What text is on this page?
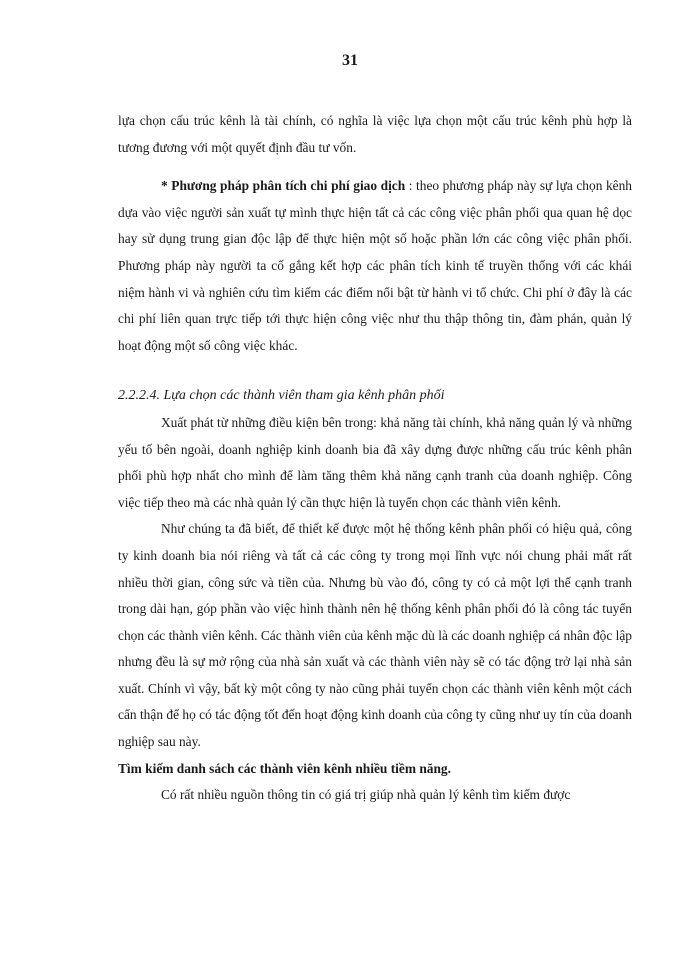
31

lựa chọn cấu trúc kênh là tài chính, có nghĩa là việc lựa chọn một cấu trúc kênh phù hợp là tương đương với một quyết định đầu tư vốn.

* Phương pháp phân tích chi phí giao dịch : theo phương pháp này sự lựa chọn kênh dựa vào việc người sản xuất tự mình thực hiện tất cả các công việc phân phối qua quan hệ dọc hay sử dụng trung gian độc lập để thực hiện một số hoặc phần lớn các công việc phân phối. Phương pháp này người ta cố gắng kết hợp các phân tích kinh tế truyền thống với các khái niệm hành vi và nghiên cứu tìm kiếm các điểm nổi bật từ hành vi tổ chức. Chi phí ở đây là các chi phí liên quan trực tiếp tới thực hiện công việc như thu thập thông tin, đàm phán, quản lý hoạt động một số công việc khác.

2.2.2.4. Lựa chọn các thành viên tham gia kênh phân phối

Xuất phát từ những điều kiện bên trong: khả năng tài chính, khả năng quản lý và những yếu tố bên ngoài, doanh nghiệp kinh doanh bia đã xây dựng được những cấu trúc kênh phân phối phù hợp nhất cho mình để làm tăng thêm khả năng cạnh tranh của doanh nghiệp. Công việc tiếp theo mà các nhà quản lý cần thực hiện là tuyển chọn các thành viên kênh.

Như chúng ta đã biết, để thiết kế được một hệ thống kênh phân phối có hiệu quả, công ty kinh doanh bia nói riêng và tất cả các công ty trong mọi lĩnh vực nói chung phải mất rất nhiều thời gian, công sức và tiền của. Nhưng bù vào đó, công ty có cả một lợi thế cạnh tranh trong dài hạn, góp phần vào việc hình thành nên hệ thống kênh phân phối đó là công tác tuyển chọn các thành viên kênh. Các thành viên của kênh mặc dù là các doanh nghiệp cá nhân độc lập nhưng đều là sự mở rộng của nhà sản xuất và các thành viên này sẽ có tác động trở lại nhà sản xuất. Chính vì vậy, bất kỳ một công ty nào cũng phải tuyển chọn các thành viên kênh một cách cẩn thận để họ có tác động tốt đến hoạt động kinh doanh của công ty cũng như uy tín của doanh nghiệp sau này.

Tìm kiếm danh sách các thành viên kênh nhiều tiềm năng.

Có rất nhiều nguồn thông tin có giá trị giúp nhà quản lý kênh tìm kiếm được
